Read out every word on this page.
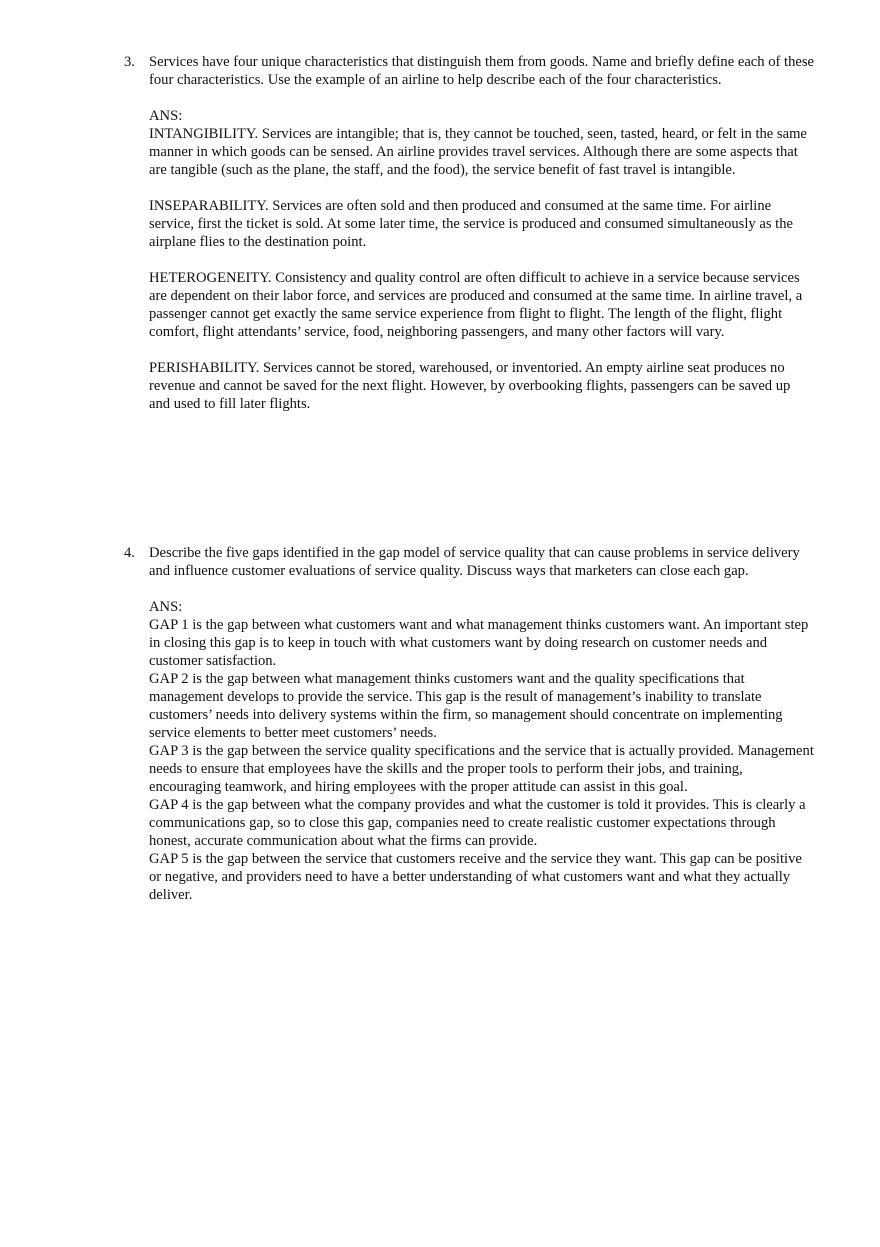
3. Services have four unique characteristics that distinguish them from goods. Name and briefly define each of these four characteristics. Use the example of an airline to help describe each of the four characteristics.

ANS:

INTANGIBILITY. Services are intangible; that is, they cannot be touched, seen, tasted, heard, or felt in the same manner in which goods can be sensed. An airline provides travel services. Although there are some aspects that are tangible (such as the plane, the staff, and the food), the service benefit of fast travel is intangible.

INSEPARABILITY. Services are often sold and then produced and consumed at the same time. For airline service, first the ticket is sold. At some later time, the service is produced and consumed simultaneously as the airplane flies to the destination point.

HETEROGENEITY. Consistency and quality control are often difficult to achieve in a service because services are dependent on their labor force, and services are produced and consumed at the same time. In airline travel, a passenger cannot get exactly the same service experience from flight to flight. The length of the flight, flight comfort, flight attendants’ service, food, neighboring passengers, and many other factors will vary.

PERISHABILITY. Services cannot be stored, warehoused, or inventoried. An empty airline seat produces no revenue and cannot be saved for the next flight. However, by overbooking flights, passengers can be saved up and used to fill later flights.

4. Describe the five gaps identified in the gap model of service quality that can cause problems in service delivery and influence customer evaluations of service quality. Discuss ways that marketers can close each gap.

ANS:

GAP 1 is the gap between what customers want and what management thinks customers want. An important step in closing this gap is to keep in touch with what customers want by doing research on customer needs and customer satisfaction.

GAP 2 is the gap between what management thinks customers want and the quality specifications that management develops to provide the service. This gap is the result of management’s inability to translate customers’ needs into delivery systems within the firm, so management should concentrate on implementing service elements to better meet customers’ needs.

GAP 3 is the gap between the service quality specifications and the service that is actually provided. Management needs to ensure that employees have the skills and the proper tools to perform their jobs, and training, encouraging teamwork, and hiring employees with the proper attitude can assist in this goal.

GAP 4 is the gap between what the company provides and what the customer is told it provides. This is clearly a communications gap, so to close this gap, companies need to create realistic customer expectations through honest, accurate communication about what the firms can provide.

GAP 5 is the gap between the service that customers receive and the service they want. This gap can be positive or negative, and providers need to have a better understanding of what customers want and what they actually deliver.
